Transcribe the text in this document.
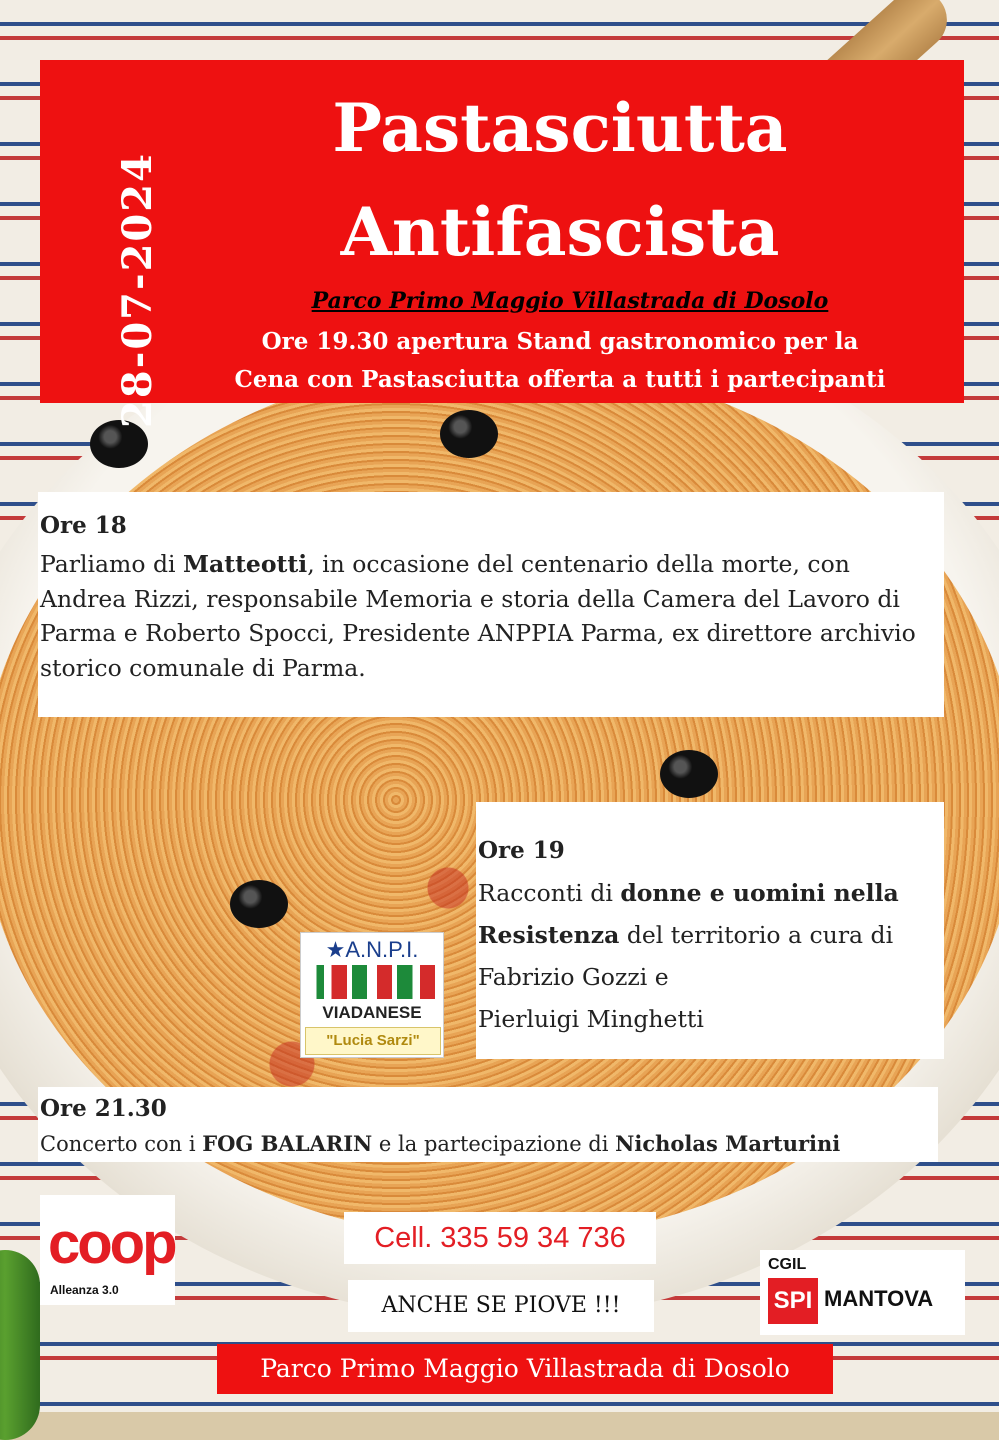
28-07-2024
Pastasciutta
Antifascista
Parco Primo Maggio Villastrada di Dosolo
Ore 19.30 apertura Stand gastronomico per la
Cena con Pastasciutta offerta a tutti i partecipanti
Ore 18
Parliamo di Matteotti, in occasione del centenario della morte, con Andrea Rizzi, responsabile Memoria e storia della Camera del Lavoro di Parma e Roberto Spocci, Presidente ANPPIA Parma, ex direttore archivio storico comunale di Parma.
Ore 19
Racconti di donne e uomini nella Resistenza del territorio a cura di
Fabrizio Gozzi e
Pierluigi Minghetti
★A.N.P.I.
VIADANESE
"Lucia Sarzi"
Ore 21.30
Concerto con i FOG BALARIN e la partecipazione di Nicholas Marturini
coop
Alleanza 3.0
Cell. 335 59 34 736
ANCHE SE PIOVE !!!
CGIL
SPI MANTOVA
Parco Primo Maggio Villastrada di Dosolo
